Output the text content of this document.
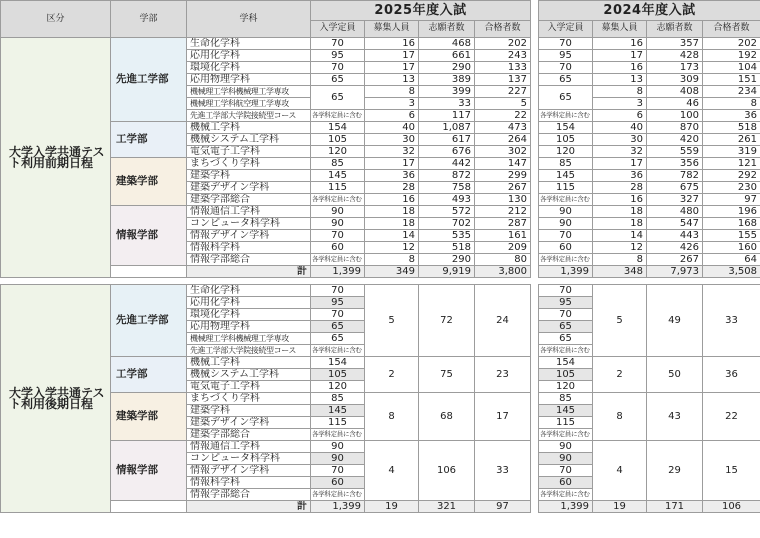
区分	学部	学科	2025年度入試					2024年度入試			
			入学定員	募集人員	志願者数	合格者数		入学定員	募集人員	志願者数	合格者数
大学入学共通テスト利用前期日程	先進工学部	生命化学科	70	16	468	202		70	16	357	202
		応用化学科	95	17	661	243		95	17	428	192
		環境化学科	70	17	290	133		70	16	173	104
		応用物理学科	65	13	389	137		65	13	309	151
		機械理工学科機械理工学専攻	65	8	399	227		65	8	408	234
		機械理工学科航空理工学専攻		3	33	5			3	46	8
		先進工学部大学院接続型コース	各学科定員に含む	6	117	22		各学科定員に含む	6	100	36
	工学部	機械工学科	154	40	1,087	473		154	40	870	518
		機械システム工学科	105	30	617	264		105	30	420	261
		電気電子工学科	120	32	676	302		120	32	559	319
	建築学部	まちづくり学科	85	17	442	147		85	17	356	121
		建築学科	145	36	872	299		145	36	782	292
		建築デザイン学科	115	28	758	267		115	28	675	230
		建築学部総合	各学科定員に含む	16	493	130		各学科定員に含む	16	327	97
	情報学部	情報通信工学科	90	18	572	212		90	18	480	196
		コンピュータ科学科	90	18	702	287		90	18	547	168
		情報デザイン学科	70	14	535	161		70	14	443	155
		情報科学科	60	12	518	209		60	12	426	160
		情報学部総合	各学科定員に含む	8	290	80		各学科定員に含む	8	267	64
		計	1,399	349	9,919	3,800		1,399	348	7,973	3,508

大学入学共通テスト利用後期日程	先進工学部	生命化学科	70	5	72	24		70	5	49	33
		応用化学科	95					95			
		環境化学科	70					70			
		応用物理学科	65					65			
		機械理工学科機械理工学専攻	65					65			
		先進工学部大学院接続型コース	各学科定員に含む					各学科定員に含む			
	工学部	機械工学科	154	2	75	23		154	2	50	36
		機械システム工学科	105					105			
		電気電子工学科	120					120			
	建築学部	まちづくり学科	85	8	68	17		85	8	43	22
		建築学科	145					145			
		建築デザイン学科	115					115			
		建築学部総合	各学科定員に含む					各学科定員に含む			
	情報学部	情報通信工学科	90	4	106	33		90	4	29	15
		コンピュータ科学科	90					90			
		情報デザイン学科	70					70			
		情報科学科	60					60			
		情報学部総合	各学科定員に含む					各学科定員に含む			
		計	1,399	19	321	97		1,399	19	171	106
